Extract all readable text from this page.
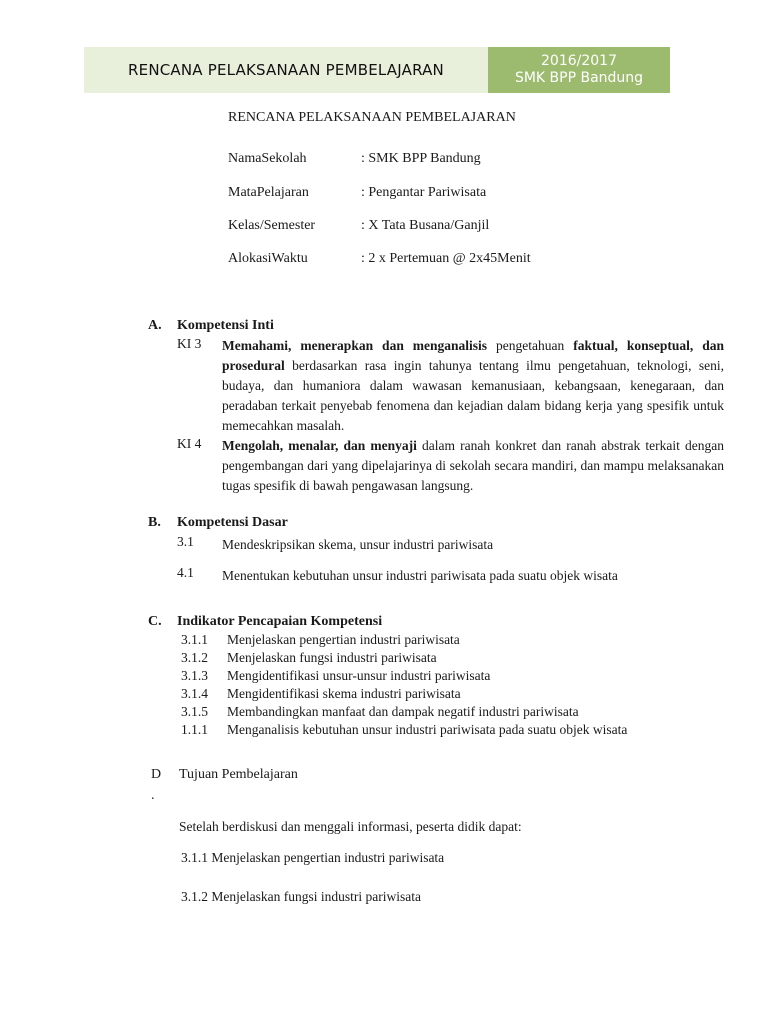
RENCANA PELAKSANAAN PEMBELAJARAN	2016/2017
SMK BPP Bandung
RENCANA PELAKSANAAN PEMBELAJARAN
NamaSekolah	: SMK BPP Bandung
MataPelajaran	: Pengantar Pariwisata
Kelas/Semester	: X Tata Busana/Ganjil
AlokasiWaktu	: 2 x Pertemuan @ 2x45Menit
A. Kompetensi Inti
KI 3 Memahami, menerapkan dan menganalisis pengetahuan faktual, konseptual, dan prosedural berdasarkan rasa ingin tahunya tentang ilmu pengetahuan, teknologi, seni, budaya, dan humaniora dalam wawasan kemanusiaan, kebangsaan, kenegaraan, dan peradaban terkait penyebab fenomena dan kejadian dalam bidang kerja yang spesifik untuk memecahkan masalah.

KI 4 Mengolah, menalar, dan menyaji dalam ranah konkret dan ranah abstrak terkait dengan pengembangan dari yang dipelajarinya di sekolah secara mandiri, dan mampu melaksanakan tugas spesifik di bawah pengawasan langsung.

B. Kompetensi Dasar
3.1 Mendeskripsikan skema, unsur industri pariwisata
4.1 Menentukan kebutuhan unsur industri pariwisata pada suatu objek wisata
C. Indikator Pencapaian Kompetensi
3.1.1 Menjelaskan pengertian industri pariwisata
3.1.2 Menjelaskan fungsi industri pariwisata
3.1.3 Mengidentifikasi unsur-unsur industri pariwisata
3.1.4 Mengidentifikasi skema industri pariwisata
3.1.5 Membandingkan manfaat dan dampak negatif industri pariwisata
1.1.1 Menganalisis kebutuhan unsur industri pariwisata pada suatu objek wisata
D
.
Tujuan Pembelajaran
Setelah berdiskusi dan menggali informasi, peserta didik dapat:
3.1.1 Menjelaskan pengertian industri pariwisata
3.1.2 Menjelaskan fungsi industri pariwisata
